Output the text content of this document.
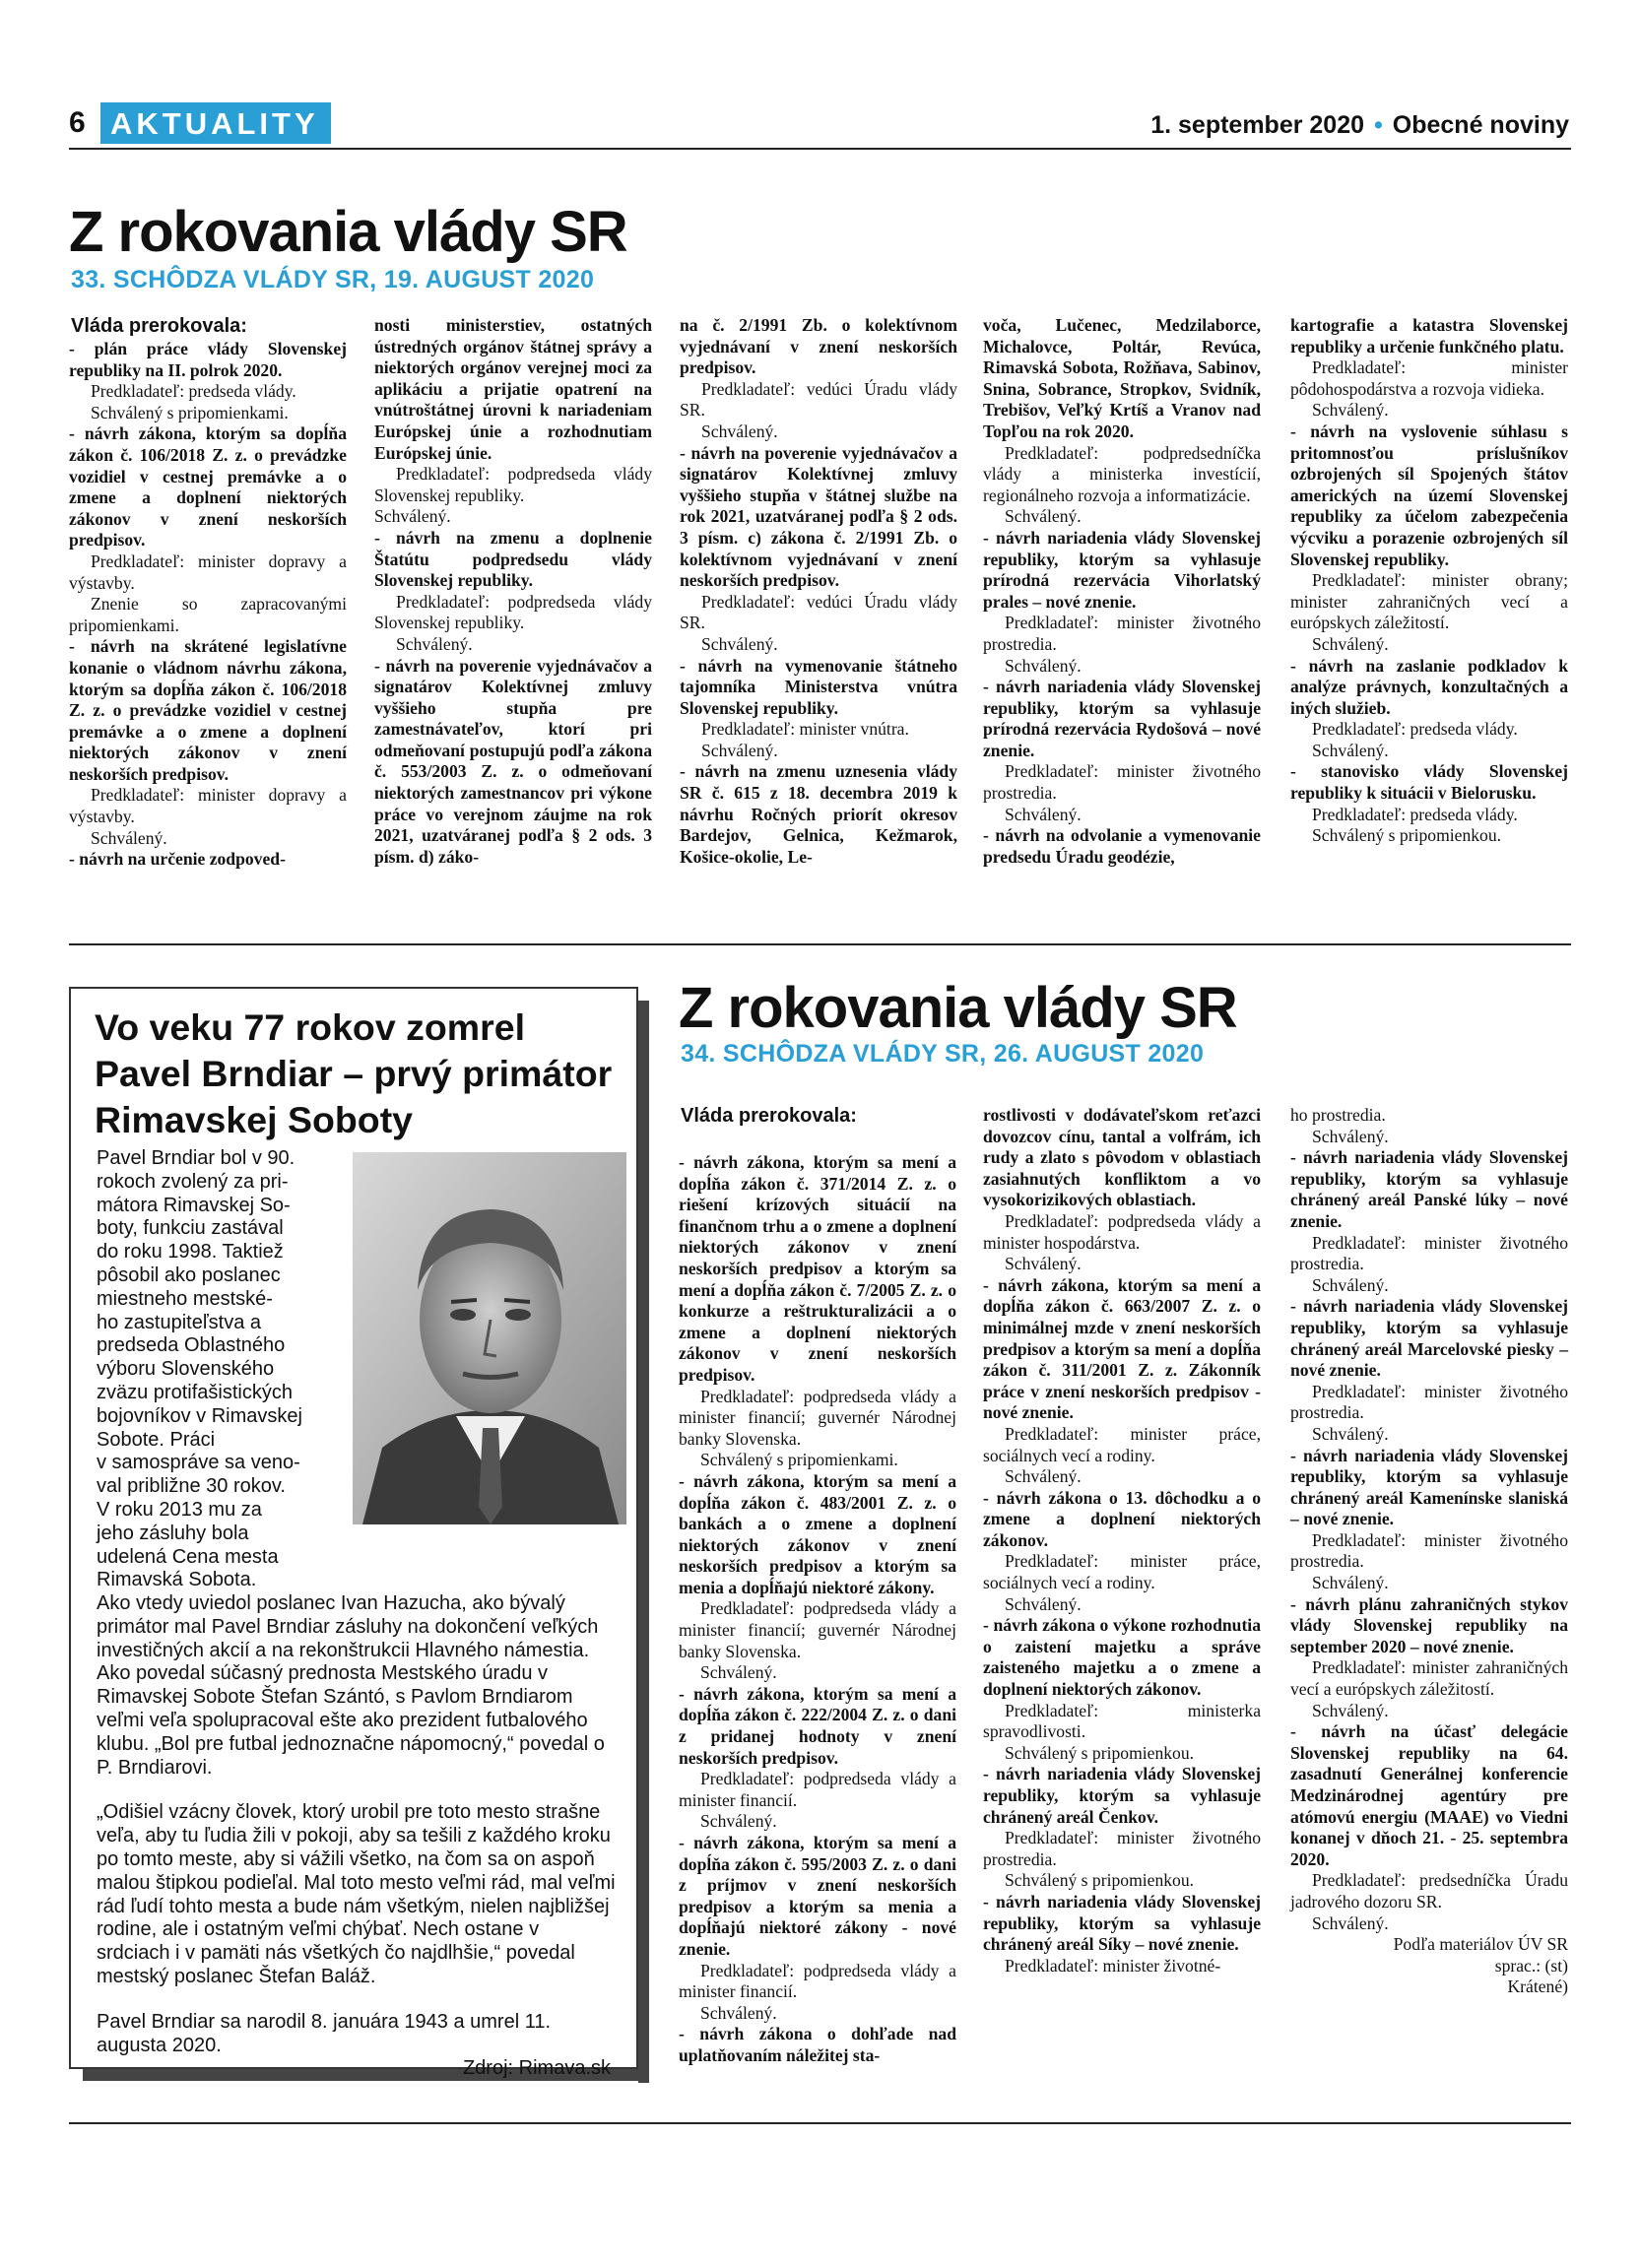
6 AKTUALITY	1. september 2020 • Obecné noviny
Z rokovania vlády SR
33. SCHÔDZA VLÁDY SR, 19. AUGUST 2020
Vláda prerokovala:

- plán práce vlády Slovenskej republiky na II. polrok 2020.

Predkladateľ: predseda vlády.

Schválený s pripomienkami.

- návrh zákona, ktorým sa dopĺňa zákon č. 106/2018 Z. z. o prevádzke vozidiel v cestnej premávke a o zmene a doplnení niektorých zákonov v znení neskorších predpisov.

Predkladateľ: minister dopravy a výstavby.

Znenie so zapracovanými pripomienkami.

- návrh na skrátené legislatívne konanie o vládnom návrhu zákona, ktorým sa dopĺňa zákon č. 106/2018 Z. z. o prevádzke vozidiel v cestnej premávke a o zmene a doplnení niektorých zákonov v znení neskorších predpisov.

Predkladateľ: minister dopravy a výstavby.

Schválený.

- návrh na určenie zodpoved-

nosti ministerstiev, ostatných ústredných orgánov štátnej správy a niektorých orgánov verejnej moci za aplikáciu a prijatie opatrení na vnútroštátnej úrovni k nariadeniam Európskej únie a rozhodnutiam Európskej únie.

Predkladateľ: podpredseda vlády Slovenskej republiky.

Schválený.

- návrh na zmenu a doplnenie Štatútu podpredsedu vlády Slovenskej republiky.

Predkladateľ: podpredseda vlády Slovenskej republiky.

Schválený.

- návrh na poverenie vyjednávačov a signatárov Kolektívnej zmluvy vyššieho stupňa pre zamestnávateľov, ktorí pri odmeňovaní postupujú podľa zákona č. 553/2003 Z. z. o odmeňovaní niektorých zamestnancov pri výkone práce vo verejnom záujme na rok 2021, uzatváranej podľa § 2 ods. 3 písm. d) záko-

na č. 2/1991 Zb. o kolektívnom vyjednávaní v znení neskorších predpisov.

Predkladateľ: vedúci Úradu vlády SR.

Schválený.

- návrh na poverenie vyjednávačov a signatárov Kolektívnej zmluvy vyššieho stupňa v štátnej službe na rok 2021, uzatváranej podľa § 2 ods. 3 písm. c) zákona č. 2/1991 Zb. o kolektívnom vyjednávaní v znení neskorších predpisov.

Predkladateľ: vedúci Úradu vlády SR.

Schválený.

- návrh na vymenovanie štátneho tajomníka Ministerstva vnútra Slovenskej republiky.

Predkladateľ: minister vnútra.

Schválený.

- návrh na zmenu uznesenia vlády SR č. 615 z 18. decembra 2019 k návrhu Ročných priorít okresov Bardejov, Gelnica, Kežmarok, Košice-okolie, Le-

voča, Lučenec, Medzilaborce, Michalovce, Poltár, Revúca, Rimavská Sobota, Rožňava, Sabinov, Snina, Sobrance, Stropkov, Svidník, Trebišov, Veľký Krtíš a Vranov nad Topľou na rok 2020.

Predkladateľ: podpredsedníčka vlády a ministerka investícií, regionálneho rozvoja a informatizácie.

Schválený.

- návrh nariadenia vlády Slovenskej republiky, ktorým sa vyhlasuje prírodná rezervácia Vihorlatský prales – nové znenie.

Predkladateľ: minister životného prostredia.

Schválený.

- návrh nariadenia vlády Slovenskej republiky, ktorým sa vyhlasuje prírodná rezervácia Rydošová – nové znenie.

Predkladateľ: minister životného prostredia.

Schválený.

- návrh na odvolanie a vymenovanie predsedu Úradu geodézie,

kartografie a katastra Slovenskej republiky a určenie funkčného platu.

Predkladateľ: minister pôdohospodárstva a rozvoja vidieka.

Schválený.

- návrh na vyslovenie súhlasu s pritomnosťou príslušníkov ozbrojených síl Spojených štátov amerických na území Slovenskej republiky za účelom zabezpečenia výcviku a porazenie ozbrojených síl Slovenskej republiky.

Predkladateľ: minister obrany; minister zahraničných vecí a európskych záležitostí.

Schválený.

- návrh na zaslanie podkladov k analýze právnych, konzultačných a iných služieb.

Predkladateľ: predseda vlády.

Schválený.

- stanovisko vlády Slovenskej republiky k situácii v Bielorusku.

Predkladateľ: predseda vlády.

Schválený s pripomienkou.

Vo veku 77 rokov zomrel Pavel Brndiar – prvý primátor Rimavskej Soboty
Pavel Brndiar bol v 90.
rokoch zvolený za pri-
mátora Rimavskej So-
boty, funkciu zastával
do roku 1998. Taktiež
pôsobil ako poslanec
miestneho mestské-
ho zastupiteľstva a
predseda Oblastného
výboru Slovenského
zväzu protifašistických
bojovníkov v Rimavskej
Sobote. Práci
v samospráve sa veno-
val približne 30 rokov.
V roku 2013 mu za
jeho zásluhy bola
udelená Cena mesta
Rimavská Sobota.

Ako vtedy uviedol poslanec Ivan Hazucha, ako bývalý primátor mal Pavel Brndiar zásluhy na dokončení veľkých investičných akcií a na rekonštrukcii Hlavného námestia.

Ako povedal súčasný prednosta Mestského úradu v Rimavskej Sobote Štefan Szántó, s Pavlom Brndiarom veľmi veľa spolupracoval ešte ako prezident futbalového klubu. „Bol pre futbal jednoznačne nápomocný,“ povedal o P. Brndiarovi.

„Odišiel vzácny človek, ktorý urobil pre toto mesto strašne veľa, aby tu ľudia žili v pokoji, aby sa tešili z každého kroku po tomto meste, aby si vážili všetko, na čom sa on aspoň malou štipkou podieľal. Mal toto mesto veľmi rád, mal veľmi rád ľudí tohto mesta a bude nám všetkým, nielen najbližšej rodine, ale i ostatným veľmi chýbať. Nech ostane v srdciach i v pamäti nás všetkých čo najdlhšie,“ povedal mestský poslanec Štefan Baláž.

Pavel Brndiar sa narodil 8. januára 1943 a umrel 11. augusta 2020.

Zdroj: Rimava.sk

Z rokovania vlády SR
34. SCHÔDZA VLÁDY SR, 26. AUGUST 2020
Vláda prerokovala:

- návrh zákona, ktorým sa mení a dopĺňa zákon č. 371/2014 Z. z. o riešení krízových situácií na finančnom trhu a o zmene a doplnení niektorých zákonov v znení neskorších predpisov a ktorým sa mení a dopĺňa zákon č. 7/2005 Z. z. o konkurze a reštrukturalizácii a o zmene a doplnení niektorých zákonov v znení neskorších predpisov.

Predkladateľ: podpredseda vlády a minister financií; guvernér Národnej banky Slovenska.

Schválený s pripomienkami.

- návrh zákona, ktorým sa mení a dopĺňa zákon č. 483/2001 Z. z. o bankách a o zmene a doplnení niektorých zákonov v znení neskorších predpisov a ktorým sa menia a dopĺňajú niektoré zákony.

Predkladateľ: podpredseda vlády a minister financií; guvernér Národnej banky Slovenska.

Schválený.

- návrh zákona, ktorým sa mení a dopĺňa zákon č. 222/2004 Z. z. o dani z pridanej hodnoty v znení neskorších predpisov.

Predkladateľ: podpredseda vlády a minister financií.

Schválený.

- návrh zákona, ktorým sa mení a dopĺňa zákon č. 595/2003 Z. z. o dani z príjmov v znení neskorších predpisov a ktorým sa menia a dopĺňajú niektoré zákony - nové znenie.

Predkladateľ: podpredseda vlády a minister financií.

Schválený.

- návrh zákona o dohľade nad uplatňovaním náležitej sta-

rostlivosti v dodávateľskom reťazci dovozcov cínu, tantal a volfrám, ich rudy a zlato s pôvodom v oblastiach zasiahnutých konfliktom a vo vysokorizikových oblastiach.

Predkladateľ: podpredseda vlády a minister hospodárstva.

Schválený.

- návrh zákona, ktorým sa mení a dopĺňa zákon č. 663/2007 Z. z. o minimálnej mzde v znení neskorších predpisov a ktorým sa mení a dopĺňa zákon č. 311/2001 Z. z. Zákonník práce v znení neskorších predpisov - nové znenie.

Predkladateľ: minister práce, sociálnych vecí a rodiny.

Schválený.

- návrh zákona o 13. dôchodku a o zmene a doplnení niektorých zákonov.

Predkladateľ: minister práce, sociálnych vecí a rodiny.

Schválený.

- návrh zákona o výkone rozhodnutia o zaistení majetku a správe zaisteného majetku a o zmene a doplnení niektorých zákonov.

Predkladateľ: ministerka spravodlivosti.

Schválený s pripomienkou.

- návrh nariadenia vlády Slovenskej republiky, ktorým sa vyhlasuje chránený areál Čenkov.

Predkladateľ: minister životného prostredia.

Schválený s pripomienkou.

- návrh nariadenia vlády Slovenskej republiky, ktorým sa vyhlasuje chránený areál Síky – nové znenie.

Predkladateľ: minister životné-

ho prostredia.

Schválený.

- návrh nariadenia vlády Slovenskej republiky, ktorým sa vyhlasuje chránený areál Panské lúky – nové znenie.

Predkladateľ: minister životného prostredia.

Schválený.

- návrh nariadenia vlády Slovenskej republiky, ktorým sa vyhlasuje chránený areál Marcelovské piesky – nové znenie.

Predkladateľ: minister životného prostredia.

Schválený.

- návrh nariadenia vlády Slovenskej republiky, ktorým sa vyhlasuje chránený areál Kamenínske slaniská – nové znenie.

Predkladateľ: minister životného prostredia.

Schválený.

- návrh plánu zahraničných stykov vlády Slovenskej republiky na september 2020 – nové znenie.

Predkladateľ: minister zahraničných vecí a európskych záležitostí.

Schválený.

- návrh na účasť delegácie Slovenskej republiky na 64. zasadnutí Generálnej konferencie Medzinárodnej agentúry pre atómovú energiu (MAAE) vo Viedni konanej v dňoch 21. - 25. septembra 2020.

Predkladateľ: predsedníčka Úradu jadrového dozoru SR.

Schválený.

Podľa materiálov ÚV SR

sprac.: (st)

Krátené)
